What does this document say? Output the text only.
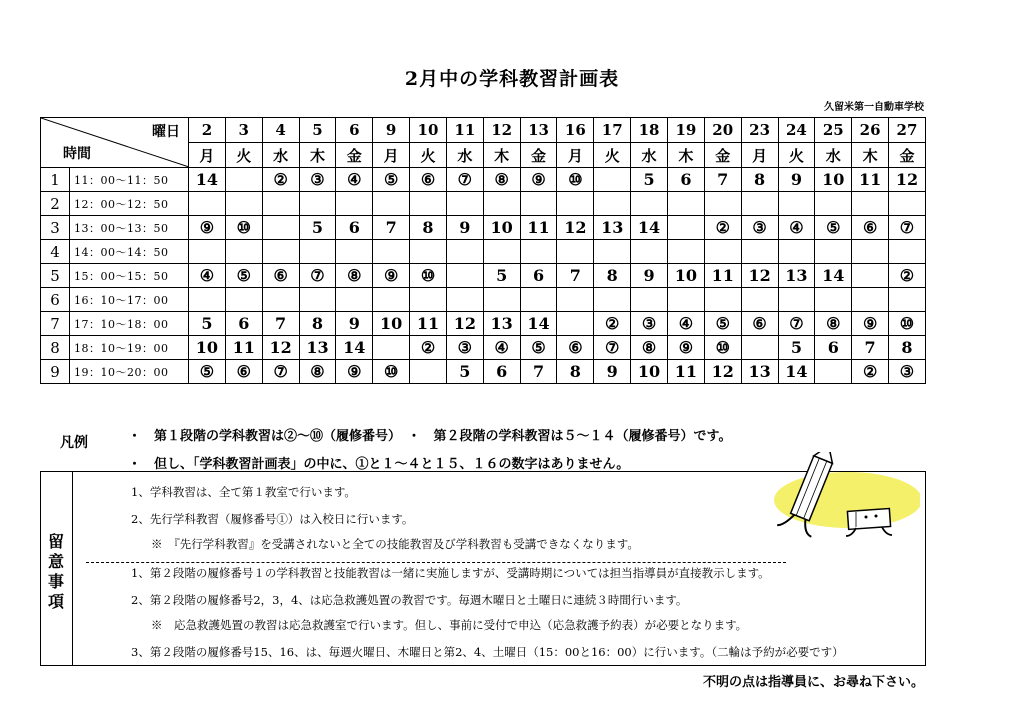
2月中の学科教習計画表
久留米第一自動車学校
曜日
時間		2	3	4	5	6	9	10	11	12	13	16	17	18	19	20	23	24	25	26	27
		月	火	水	木	金	月	火	水	木	金	月	火	水	木	金	月	火	水	木	金
1	11：00～11：50	14		②	③	④	⑤	⑥	⑦	⑧	⑨	⑩		5	6	7	8	9	10	11	12
2	12：00～12：50																				
3	13：00～13：50	⑨	⑩		5	6	7	8	9	10	11	12	13	14		②	③	④	⑤	⑥	⑦
4	14：00～14：50																				
5	15：00～15：50	④	⑤	⑥	⑦	⑧	⑨	⑩		5	6	7	8	9	10	11	12	13	14		②
6	16：10～17：00																				
7	17：10～18：00	5	6	7	8	9	10	11	12	13	14		②	③	④	⑤	⑥	⑦	⑧	⑨	⑩
8	18：10～19：00	10	11	12	13	14		②	③	④	⑤	⑥	⑦	⑧	⑨	⑩		5	6	7	8
9	19：10～20：00	⑤	⑥	⑦	⑧	⑨	⑩		5	6	7	8	9	10	11	12	13	14		②	③
凡例	・　第１段階の学科教習は②～⑩（履修番号）　・　第２段階の学科教習は５～１４（履修番号）です。
・　但し、「学科教習計画表」の中に、①と１～４と１５、１６の数字はありません。
留意事項
1、学科教習は、全て第１教室で行います。
2、先行学科教習（履修番号①）は入校日に行います。
※　『先行学科教習』を受講されないと全ての技能教習及び学科教習も受講できなくなります。
1、第２段階の履修番号１の学科教習と技能教習は一緒に実施しますが、受講時期については担当指導員が直接教示します。
2、第２段階の履修番号2，3，4、は応急救護処置の教習です。毎週木曜日と土曜日に連続３時間行います。
※　応急救護処置の教習は応急救護室で行います。但し、事前に受付で申込（応急救護予約表）が必要となります。
3、第２段階の履修番号15、16、は、毎週火曜日、木曜日と第2、4、土曜日（15：00と16：00）に行います。（二輪は予約が必要です）
不明の点は指導員に、お尋ね下さい。
